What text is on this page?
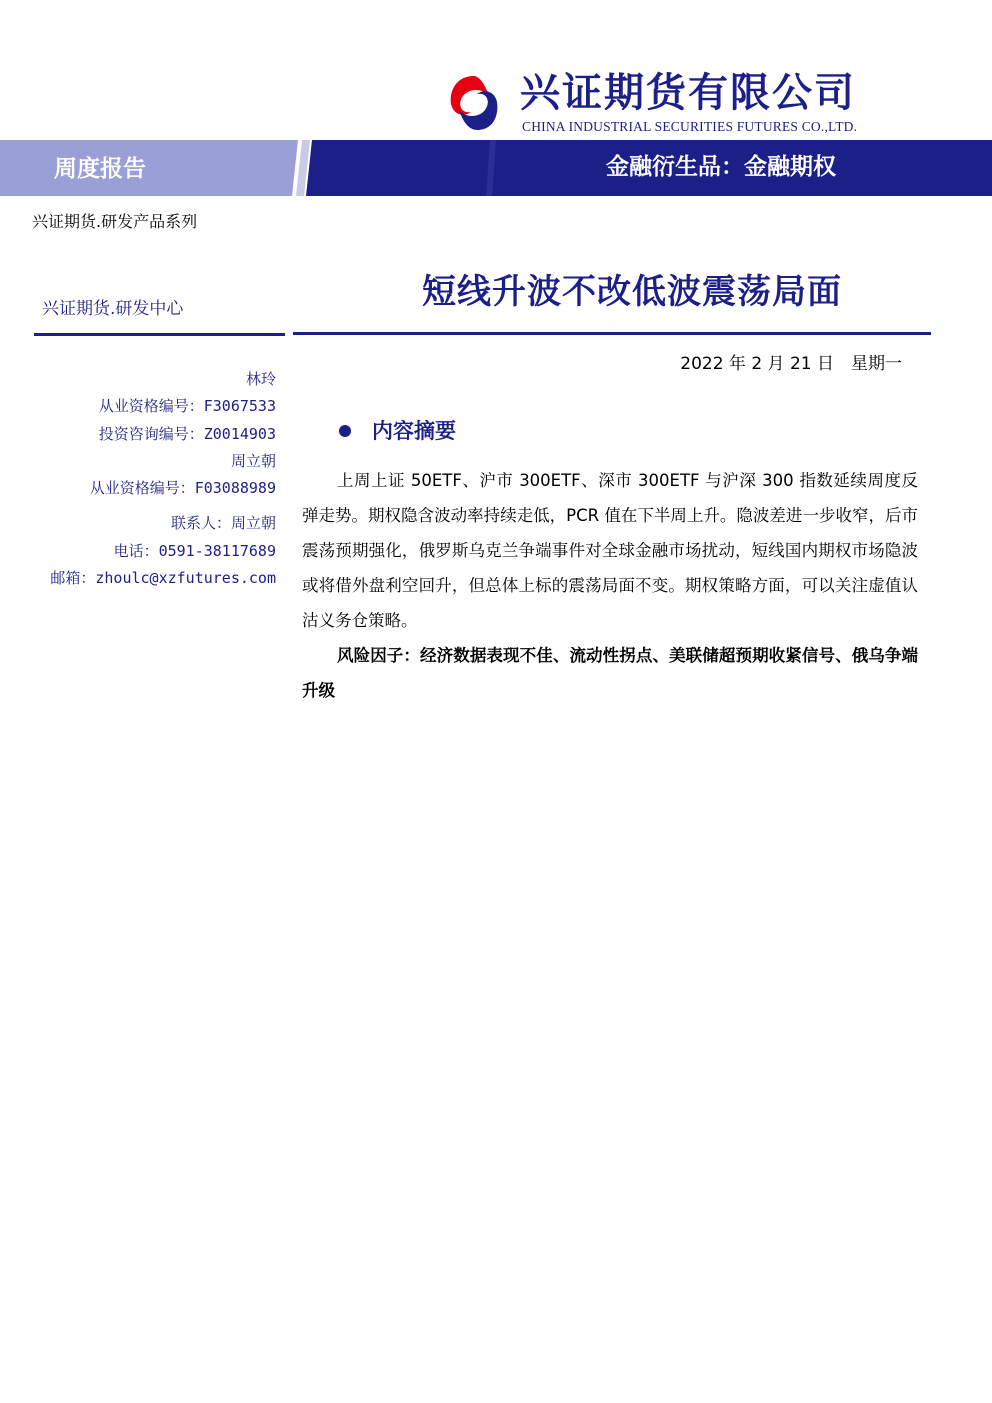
兴证期货有限公司
CHINA INDUSTRIAL SECURITIES FUTURES CO.,LTD.
周度报告	金融衍生品：金融期权
兴证期货.研发产品系列
兴证期货.研发中心	短线升波不改低波震荡局面
2022 年 2 月 21 日　星期一
林玲
从业资格编号：F3067533
投资咨询编号：Z0014903
周立朝
从业资格编号：F03088989
联系人：周立朝
电话：0591-38117689
邮箱：zhoulc@xzfutures.com
内容摘要
上周上证 50ETF、沪市 300ETF、深市 300ETF 与沪深 300 指数延续周度反弹走势。期权隐含波动率持续走低，PCR 值在下半周上升。隐波差进一步收窄，后市震荡预期强化，俄罗斯乌克兰争端事件对全球金融市场扰动，短线国内期权市场隐波或将借外盘利空回升，但总体上标的震荡局面不变。期权策略方面，可以关注虚值认沽义务仓策略。
风险因子：经济数据表现不佳、流动性拐点、美联储超预期收紧信号、俄乌争端升级
